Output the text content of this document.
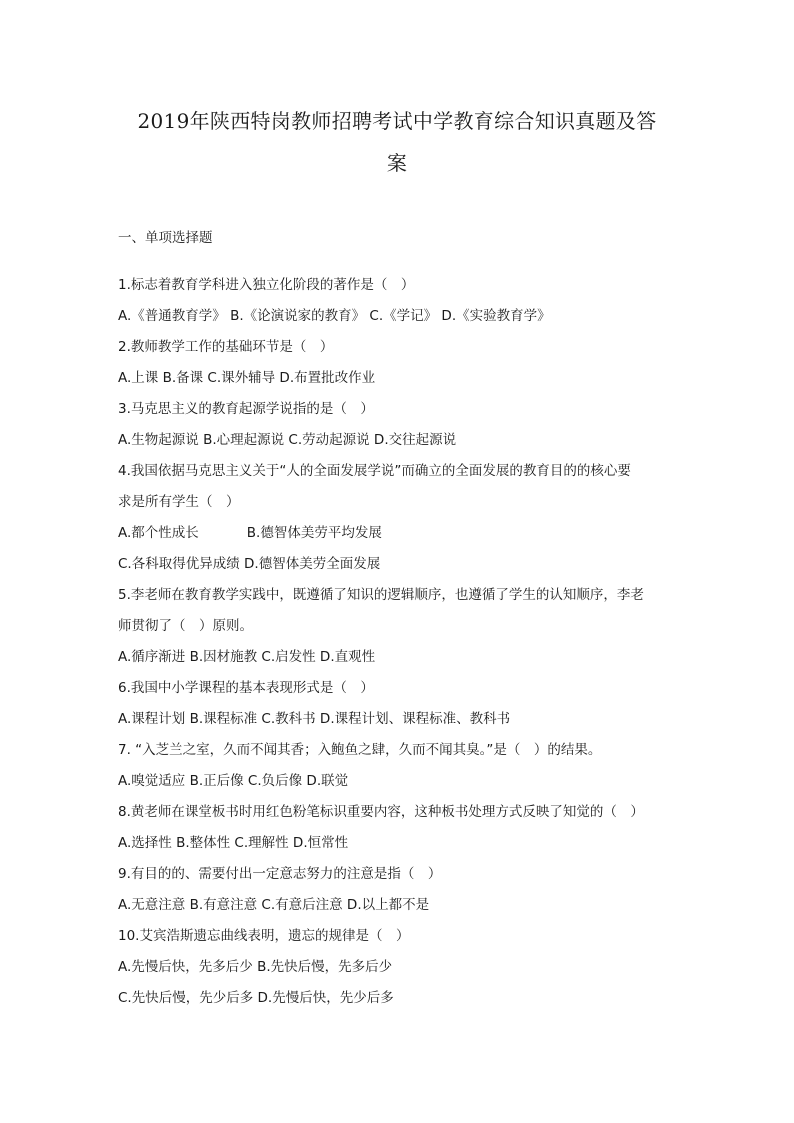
2019年陕西特岗教师招聘考试中学教育综合知识真题及答
案
一、单项选择题
1.标志着教育学科进入独立化阶段的著作是（　）
A.《普通教育学》 B.《论演说家的教育》 C.《学记》 D.《实验教育学》
2.教师教学工作的基础环节是（　）
A.上课 B.备课 C.课外辅导 D.布置批改作业
3.马克思主义的教育起源学说指的是（　）
A.生物起源说 B.心理起源说 C.劳动起源说 D.交往起源说
4.我国依据马克思主义关于“人的全面发展学说”而确立的全面发展的教育目的的核心要
求是所有学生（　）
A.都个性成长	B.德智体美劳平均发展
C.各科取得优异成绩 D.德智体美劳全面发展
5.李老师在教育教学实践中，既遵循了知识的逻辑顺序，也遵循了学生的认知顺序，李老
师贯彻了（　）原则。
A.循序渐进 B.因材施教 C.启发性 D.直观性
6.我国中小学课程的基本表现形式是（　）
A.课程计划 B.课程标准 C.教科书 D.课程计划、课程标准、教科书
7. “入芝兰之室，久而不闻其香；入鲍鱼之肆，久而不闻其臭。”是（　）的结果。
A.嗅觉适应 B.正后像 C.负后像 D.联觉
8.黄老师在课堂板书时用红色粉笔标识重要内容，这种板书处理方式反映了知觉的（　）
A.选择性 B.整体性 C.理解性 D.恒常性
9.有目的的、需要付出一定意志努力的注意是指（　）
A.无意注意 B.有意注意 C.有意后注意 D.以上都不是
10.艾宾浩斯遗忘曲线表明，遗忘的规律是（　）
A.先慢后快，先多后少 B.先快后慢，先多后少
C.先快后慢，先少后多 D.先慢后快，先少后多
